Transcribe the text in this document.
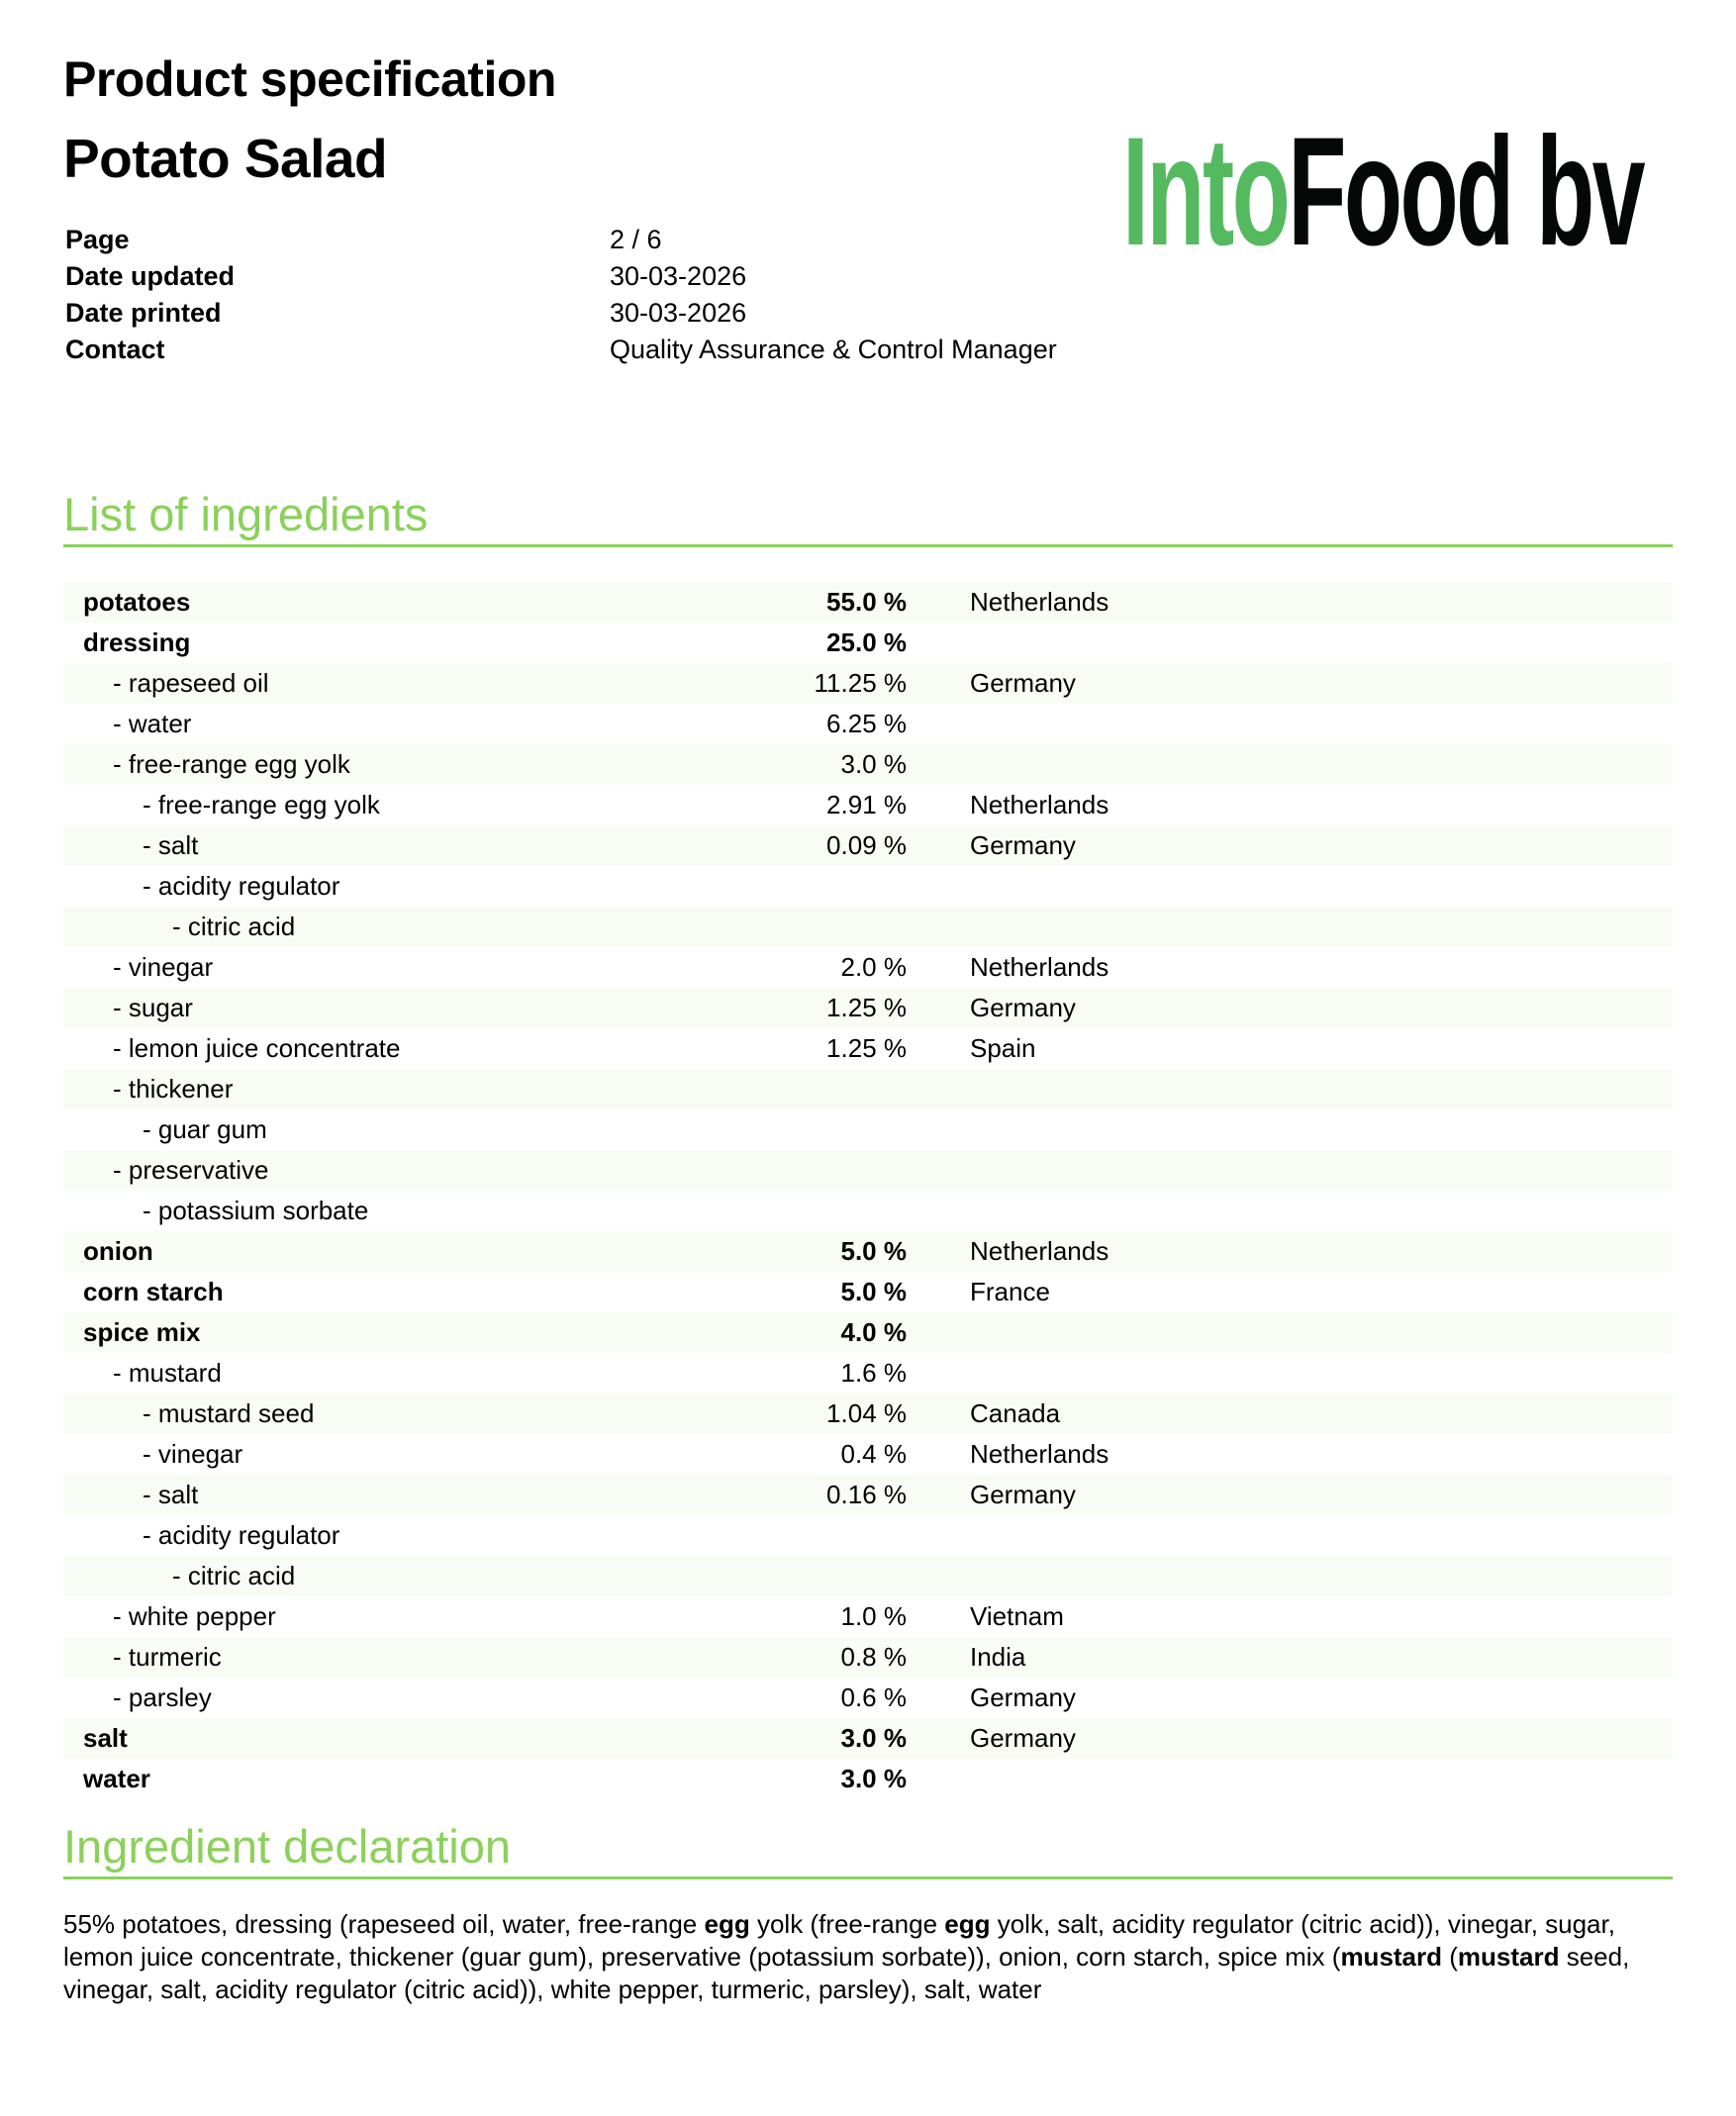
Product specification
Potato Salad
Page	2 / 6
Date updated	30-03-2026
Date printed	30-03-2026
Contact	Quality Assurance & Control Manager
Into Food bv
List of ingredients
potatoes	55.0 %	Netherlands
dressing	25.0 %
- rapeseed oil	11.25 %	Germany
- water	6.25 %
- free-range egg yolk	3.0 %
- free-range egg yolk	2.91 %	Netherlands
- salt	0.09 %	Germany
- acidity regulator
- citric acid
- vinegar	2.0 %	Netherlands
- sugar	1.25 %	Germany
- lemon juice concentrate	1.25 %	Spain
- thickener
- guar gum
- preservative
- potassium sorbate
onion	5.0 %	Netherlands
corn starch	5.0 %	France
spice mix	4.0 %
- mustard	1.6 %
- mustard seed	1.04 %	Canada
- vinegar	0.4 %	Netherlands
- salt	0.16 %	Germany
- acidity regulator
- citric acid
- white pepper	1.0 %	Vietnam
- turmeric	0.8 %	India
- parsley	0.6 %	Germany
salt	3.0 %	Germany
water	3.0 %
Ingredient declaration
55% potatoes, dressing (rapeseed oil, water, free-range egg yolk (free-range egg yolk, salt, acidity regulator (citric acid)), vinegar, sugar, lemon juice concentrate, thickener (guar gum), preservative (potassium sorbate)), onion, corn starch, spice mix (mustard (mustard seed, vinegar, salt, acidity regulator (citric acid)), white pepper, turmeric, parsley), salt, water
